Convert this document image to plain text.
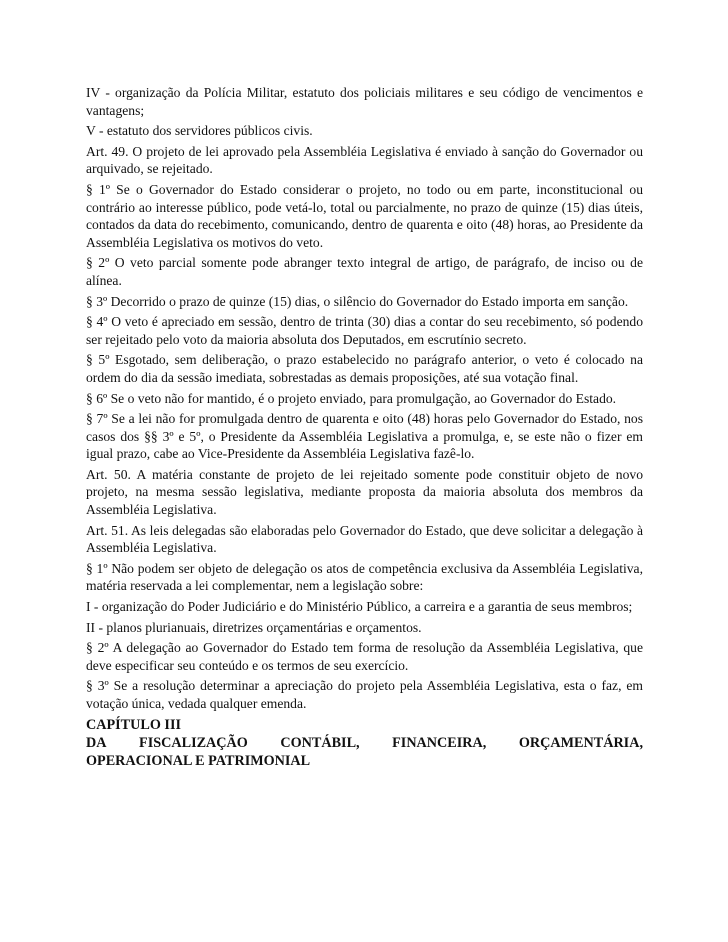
IV - organização da Polícia Militar, estatuto dos policiais militares e seu código de vencimentos e vantagens;

V - estatuto dos servidores públicos civis.

Art. 49. O projeto de lei aprovado pela Assembléia Legislativa é enviado à sanção do Governador ou arquivado, se rejeitado.

§ 1º Se o Governador do Estado considerar o projeto, no todo ou em parte, inconstitucional ou contrário ao interesse público, pode vetá-lo, total ou parcialmente, no prazo de quinze (15) dias úteis, contados da data do recebimento, comunicando, dentro de quarenta e oito (48) horas, ao Presidente da Assembléia Legislativa os motivos do veto.

§ 2º O veto parcial somente pode abranger texto integral de artigo, de parágrafo, de inciso ou de alínea.

§ 3º Decorrido o prazo de quinze (15) dias, o silêncio do Governador do Estado importa em sanção.

§ 4º O veto é apreciado em sessão, dentro de trinta (30) dias a contar do seu recebimento, só podendo ser rejeitado pelo voto da maioria absoluta dos Deputados, em escrutínio secreto.

§ 5º Esgotado, sem deliberação, o prazo estabelecido no parágrafo anterior, o veto é colocado na ordem do dia da sessão imediata, sobrestadas as demais proposições, até sua votação final.

§ 6º Se o veto não for mantido, é o projeto enviado, para promulgação, ao Governador do Estado.

§ 7º Se a lei não for promulgada dentro de quarenta e oito (48) horas pelo Governador do Estado, nos casos dos §§ 3º e 5º, o Presidente da Assembléia Legislativa a promulga, e, se este não o fizer em igual prazo, cabe ao Vice-Presidente da Assembléia Legislativa fazê-lo.

Art. 50. A matéria constante de projeto de lei rejeitado somente pode constituir objeto de novo projeto, na mesma sessão legislativa, mediante proposta da maioria absoluta dos membros da Assembléia Legislativa.

Art. 51. As leis delegadas são elaboradas pelo Governador do Estado, que deve solicitar a delegação à Assembléia Legislativa.

§ 1º Não podem ser objeto de delegação os atos de competência exclusiva da Assembléia Legislativa, matéria reservada a lei complementar, nem a legislação sobre:

I - organização do Poder Judiciário e do Ministério Público, a carreira e a garantia de seus membros;

II - planos plurianuais, diretrizes orçamentárias e orçamentos.

§ 2º A delegação ao Governador do Estado tem forma de resolução da Assembléia Legislativa, que deve especificar seu conteúdo e os termos de seu exercício.

§ 3º Se a resolução determinar a apreciação do projeto pela Assembléia Legislativa, esta o faz, em votação única, vedada qualquer emenda.

CAPÍTULO III
DA FISCALIZAÇÃO CONTÁBIL, FINANCEIRA, ORÇAMENTÁRIA,
OPERACIONAL E PATRIMONIAL
